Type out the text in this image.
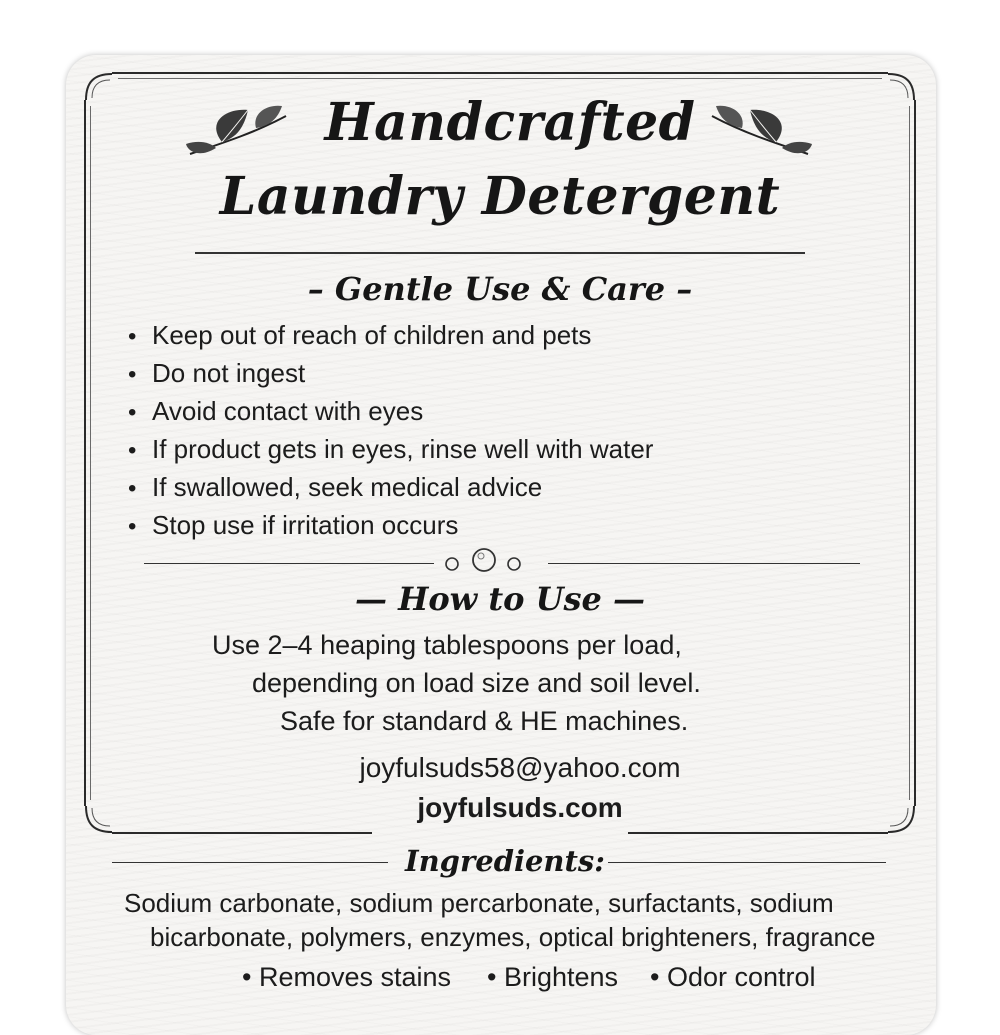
Handcrafted
Laundry Detergent
– Gentle Use & Care –
• Keep out of reach of children and pets
• Do not ingest
• Avoid contact with eyes
• If product gets in eyes, rinse well with water
• If swallowed, seek medical advice
• Stop use if irritation occurs
— How to Use —
Use 2–4 heaping tablespoons per load,
depending on load size and soil level.
Safe for standard & HE machines.
joyfulsuds58@yahoo.com
joyfulsuds.com
Ingredients:
Sodium carbonate, sodium percarbonate, surfactants, sodium
bicarbonate, polymers, enzymes, optical brighteners, fragrance
• Removes stains • Brightens • Odor control
